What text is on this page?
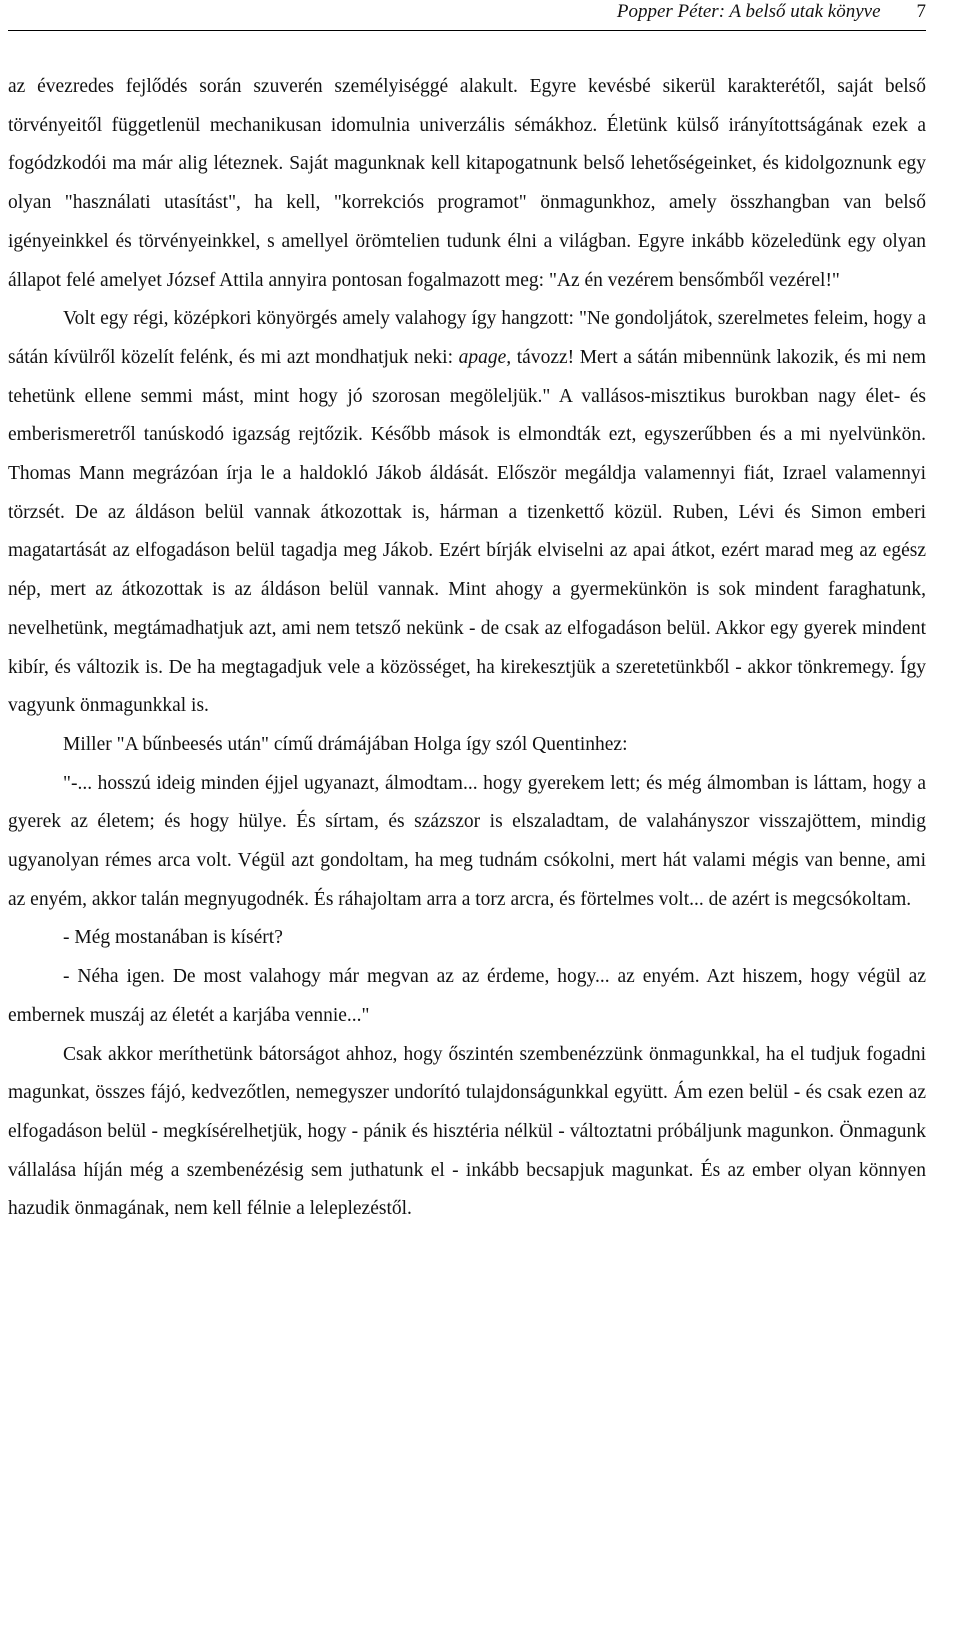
Popper Péter: A belső utak könyve 7

az évezredes fejlődés során szuverén személyiséggé alakult. Egyre kevésbé sikerül karakterétől, saját belső törvényeitől függetlenül mechanikusan idomulnia univerzális sémákhoz. Életünk külső irányítottságának ezek a fogódzkodói ma már alig léteznek. Saját magunknak kell kitapogatnunk belső lehetőségeinket, és kidolgoznunk egy olyan "használati utasítást", ha kell, "korrekciós programot" önmagunkhoz, amely összhangban van belső igényeinkkel és törvényeinkkel, s amellyel örömtelien tudunk élni a világban. Egyre inkább közeledünk egy olyan állapot felé amelyet József Attila annyira pontosan fogalmazott meg: "Az én vezérem bensőmből vezérel!"

Volt egy régi, középkori könyörgés amely valahogy így hangzott: "Ne gondoljátok, szerelmetes feleim, hogy a sátán kívülről közelít felénk, és mi azt mondhatjuk neki: apage, távozz! Mert a sátán mibennünk lakozik, és mi nem tehetünk ellene semmi mást, mint hogy jó szorosan megöleljük." A vallásos-misztikus burokban nagy élet- és emberismeretről tanúskodó igazság rejtőzik. Később mások is elmondták ezt, egyszerűbben és a mi nyelvünkön. Thomas Mann megrázóan írja le a haldokló Jákob áldását. Először megáldja valamennyi fiát, Izrael valamennyi törzsét. De az áldáson belül vannak átkozottak is, hárman a tizenkettő közül. Ruben, Lévi és Simon emberi magatartását az elfogadáson belül tagadja meg Jákob. Ezért bírják elviselni az apai átkot, ezért marad meg az egész nép, mert az átkozottak is az áldáson belül vannak. Mint ahogy a gyermekünkön is sok mindent faraghatunk, nevelhetünk, megtámadhatjuk azt, ami nem tetsző nekünk - de csak az elfogadáson belül. Akkor egy gyerek mindent kibír, és változik is. De ha megtagadjuk vele a közösséget, ha kirekesztjük a szeretetünkből - akkor tönkremegy. Így vagyunk önmagunkkal is.

Miller "A bűnbeesés után" című drámájában Holga így szól Quentinhez:

"-... hosszú ideig minden éjjel ugyanazt, álmodtam... hogy gyerekem lett; és még álmomban is láttam, hogy a gyerek az életem; és hogy hülye. És sírtam, és százszor is elszaladtam, de valahányszor visszajöttem, mindig ugyanolyan rémes arca volt. Végül azt gondoltam, ha meg tudnám csókolni, mert hát valami mégis van benne, ami az enyém, akkor talán megnyugodnék. És ráhajoltam arra a torz arcra, és förtelmes volt... de azért is megcsókoltam.

- Még mostanában is kísért?

- Néha igen. De most valahogy már megvan az az érdeme, hogy... az enyém. Azt hiszem, hogy végül az embernek muszáj az életét a karjába vennie..."

Csak akkor meríthetünk bátorságot ahhoz, hogy őszintén szembenézzünk önmagunkkal, ha el tudjuk fogadni magunkat, összes fájó, kedvezőtlen, nemegyszer undorító tulajdonságunkkal együtt. Ám ezen belül - és csak ezen az elfogadáson belül - megkísérelhetjük, hogy - pánik és hisztéria nélkül - változtatni próbáljunk magunkon. Önmagunk vállalása híján még a szembenézésig sem juthatunk el - inkább becsapjuk magunkat. És az ember olyan könnyen hazudik önmagának, nem kell félnie a leleplezéstől.
